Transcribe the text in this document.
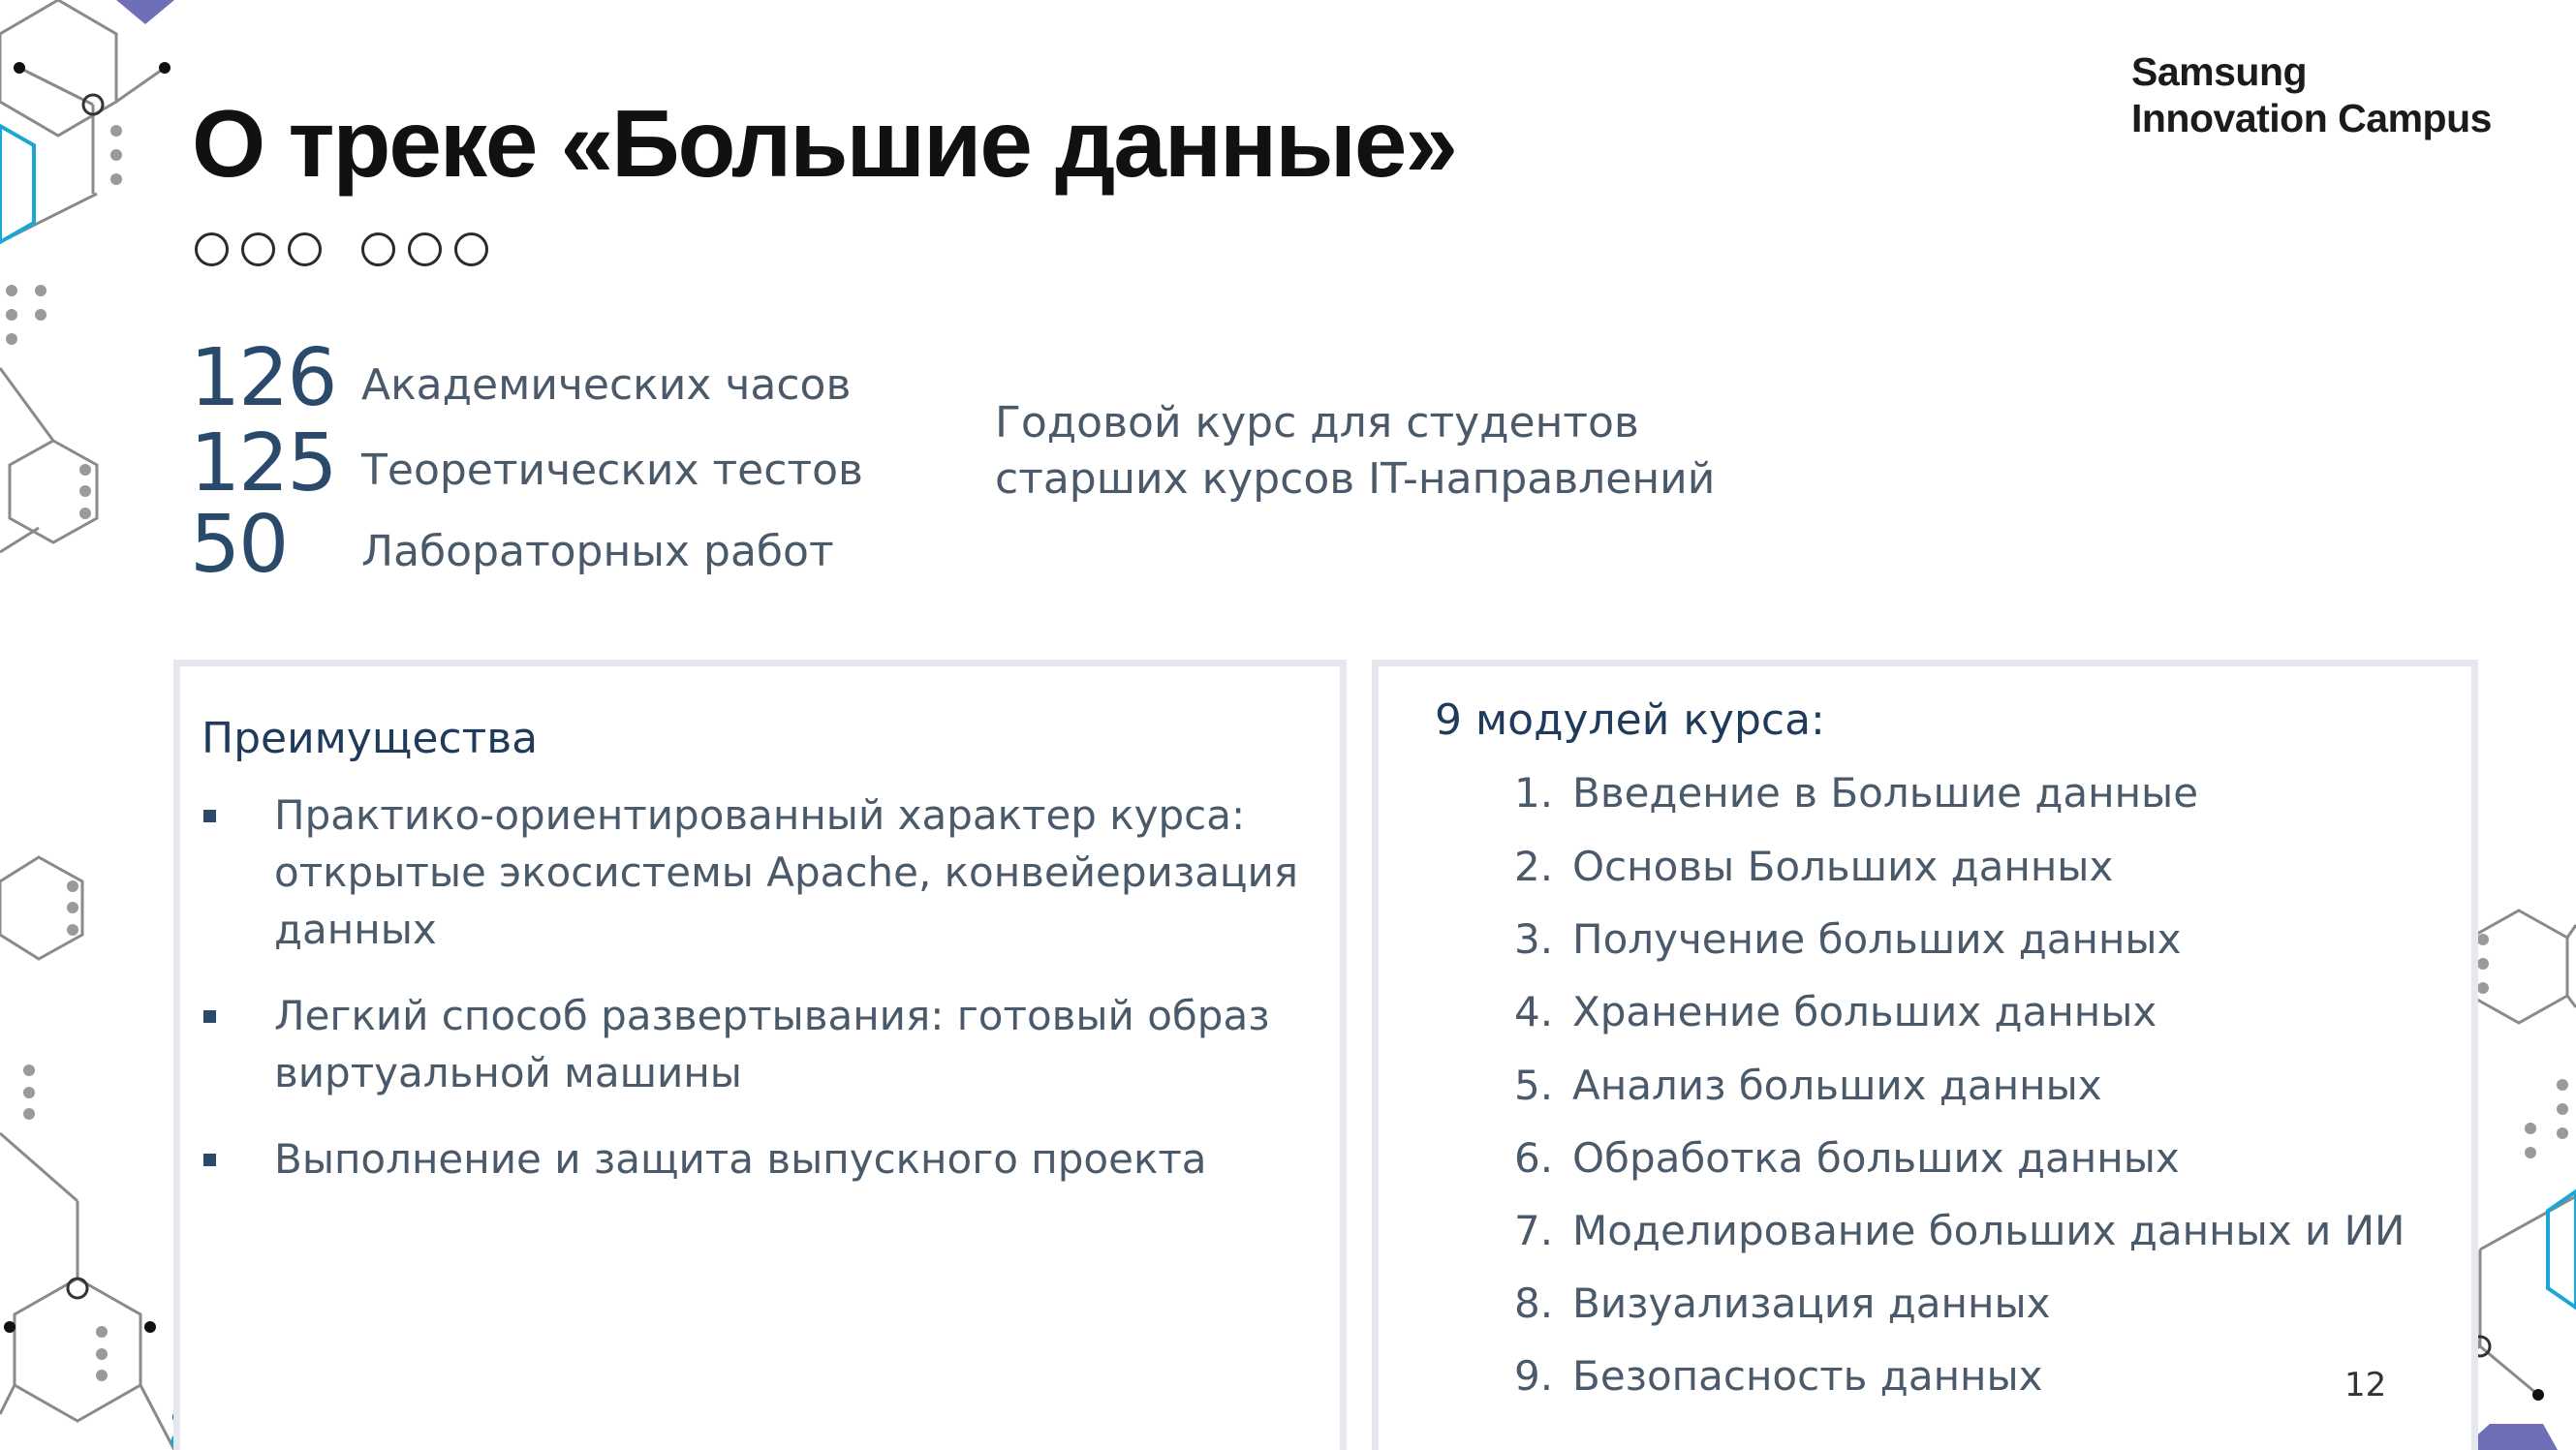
О треке «Большие данные»
Samsung
Innovation Campus
126 Академических часов
125 Теоретических тестов
50 Лабораторных работ
Годовой курс для студентов
старших курсов IT-направлений
Преимущества
Практико-ориентированный характер курса: открытые экосистемы Apache, конвейеризация данных
Легкий способ развертывания: готовый образ виртуальной машины
Выполнение и защита выпускного проекта
9 модулей курса:
1. Введение в Большие данные
2. Основы Больших данных
3. Получение больших данных
4. Хранение больших данных
5. Анализ больших данных
6. Обработка больших данных
7. Моделирование больших данных и ИИ
8. Визуализация данных
9. Безопасность данных	12
